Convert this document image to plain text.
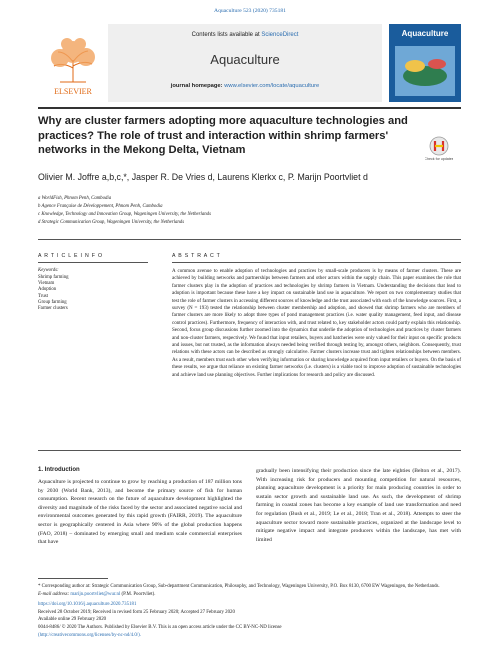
Aquaculture 523 (2020) 735181
ELSEVIER
Contents lists available at ScienceDirect
Aquaculture
journal homepage: www.elsevier.com/locate/aquaculture
Aquaculture
Why are cluster farmers adopting more aquaculture technologies and practices? The role of trust and interaction within shrimp farmers' networks in the Mekong Delta, Vietnam
Check for updates
Olivier M. Joffre a,b,c,*, Jasper R. De Vries d, Laurens Klerkx c, P. Marijn Poortvliet d
a WorldFish, Phnom Penh, Cambodia
b Agence Française de Développement, Phnom Penh, Cambodia
c Knowledge, Technology and Innovation Group, Wageningen University, the Netherlands
d Strategic Communication Group, Wageningen University, the Netherlands
A R T I C L E I N F O	A B S T R A C T
Keywords:
Shrimp farming
Vietnam
Adoption
Trust
Group farming
Farmer clusters
A common avenue to enable adoption of technologies and practices by small-scale producers is by means of farmer clusters. These are achieved by building networks and partnerships between farmers and other actors within the supply chain. This paper examines the role that farmer clusters play in the adoption of practices and technologies by shrimp farmers in Vietnam. Understanding the decisions that lead to adoption is important because these have a key impact on sustainable land use in aquaculture. We report on two complementary studies that test the role of farmer clusters in accessing different sources of knowledge and the trust associated with each of the knowledge sources. First, a survey (N = 193) tested the relationship between cluster membership and adoption, and showed that shrimp farmers who are members of farmer clusters are more likely to adopt three types of pond management practices (i.e. water quality management, feed input, and disease control practices). Furthermore, frequency of interaction with, and trust related to, key stakeholder actors could partly explain this relationship. Second, focus group discussions further zoomed into the dynamics that underlie the adoption of technologies and practices by cluster farmers and non-cluster farmers, respectively. We found that input retailers, buyers and hatcheries were only valued for their input on specific products and issues, but not trusted, as the information always needed being verified through testing by, amongst others, neighbors. Consequently, trust relations with these actors can be described as strongly calculative. Farmer clusters increase trust and tighten relationships between members. As a result, members trust each other when verifying information or sharing knowledge acquired from input retailers or buyers. On the basis of these results, we argue that reliance on existing farmer networks (i.e. clusters) is a viable tool to improve adoption of sustainable technologies and achieve land use planning objectives. Further implications for research and policy are discussed.
1. Introduction
Aquaculture is projected to continue to grow by reaching a production of 187 million tons by 2030 (World Bank, 2013), and become the primary source of fish for human consumption. Recent research on the future of aquaculture development highlighted the diversity and magnitude of the risks faced by the sector and associated negative social and environmental outcomes generated by this rapid growth (FAIRR, 2019). The aquaculture sector is geographically centered in Asia where 90% of the global production happens (FAO, 2018) – dominated by emerging small and medium scale commercial enterprises that have
gradually been intensifying their production since the late eighties (Belton et al., 2017). With increasing risk for producers and mounting competition for natural resources, planning aquaculture development is a priority for main producing countries in order to sustain sector growth and sustainable land use. As such, the development of shrimp farming in coastal zones has become a key example of land use transformation and need for regulation (Bush et al., 2019; Le et al., 2018; Tran et al., 2018). Attempts to steer the aquaculture sector toward more sustainable practices, organized at the landscape level to mitigate negative impact and integrate producers within the landscape, has met with limited
* Corresponding author at: Strategic Communication Group, Sub-department Communication, Philosophy, and Technology, Wageningen University, P.O. Box 8130, 6700 EW Wageningen, the Netherlands.
E-mail address: marijn.poortvliet@wur.nl (P.M. Poortvliet).
https://doi.org/10.1016/j.aquaculture.2020.735181
Received 28 October 2019; Received in revised form 25 February 2020; Accepted 27 February 2020
Available online 29 February 2020
0044-8486/ © 2020 The Authors. Published by Elsevier B.V. This is an open access article under the CC BY-NC-ND license
(http://creativecommons.org/licenses/by-nc-nd/4.0/).
